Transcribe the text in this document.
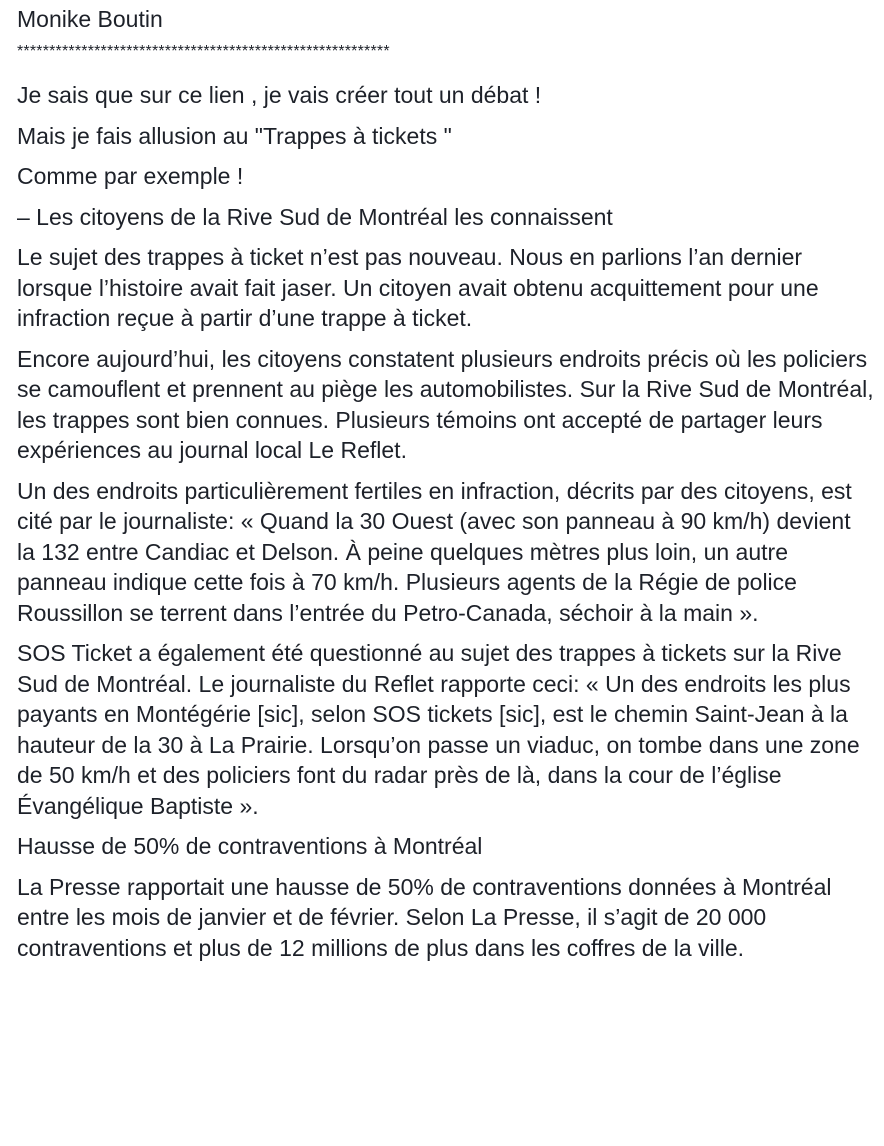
Monike Boutin
**********************************************************

Je sais que sur ce lien , je vais créer tout un débat !

Mais je fais allusion au "Trappes à tickets "

Comme par exemple !

– Les citoyens de la Rive Sud de Montréal les connaissent

Le sujet des trappes à ticket n’est pas nouveau. Nous en parlions l’an dernier lorsque l’histoire avait fait jaser. Un citoyen avait obtenu acquittement pour une infraction reçue à partir d’une trappe à ticket.

Encore aujourd’hui, les citoyens constatent plusieurs endroits précis où les policiers se camouflent et prennent au piège les automobilistes. Sur la Rive Sud de Montréal, les trappes sont bien connues. Plusieurs témoins ont accepté de partager leurs expériences au journal local Le Reflet.

Un des endroits particulièrement fertiles en infraction, décrits par des citoyens, est cité par le journaliste: « Quand la 30 Ouest (avec son panneau à 90 km/h) devient la 132 entre Candiac et Delson. À peine quelques mètres plus loin, un autre panneau indique cette fois à 70 km/h. Plusieurs agents de la Régie de police Roussillon se terrent dans l’entrée du Petro-Canada, séchoir à la main ».

SOS Ticket a également été questionné au sujet des trappes à tickets sur la Rive Sud de Montréal. Le journaliste du Reflet rapporte ceci: « Un des endroits les plus payants en Montégérie [sic], selon SOS tickets [sic], est le chemin Saint-Jean à la hauteur de la 30 à La Prairie. Lorsqu’on passe un viaduc, on tombe dans une zone de 50 km/h et des policiers font du radar près de là, dans la cour de l’église Évangélique Baptiste ».

Hausse de 50% de contraventions à Montréal

La Presse rapportait une hausse de 50% de contraventions données à Montréal entre les mois de janvier et de février. Selon La Presse, il s’agit de 20 000 contraventions et plus de 12 millions de plus dans les coffres de la ville.
